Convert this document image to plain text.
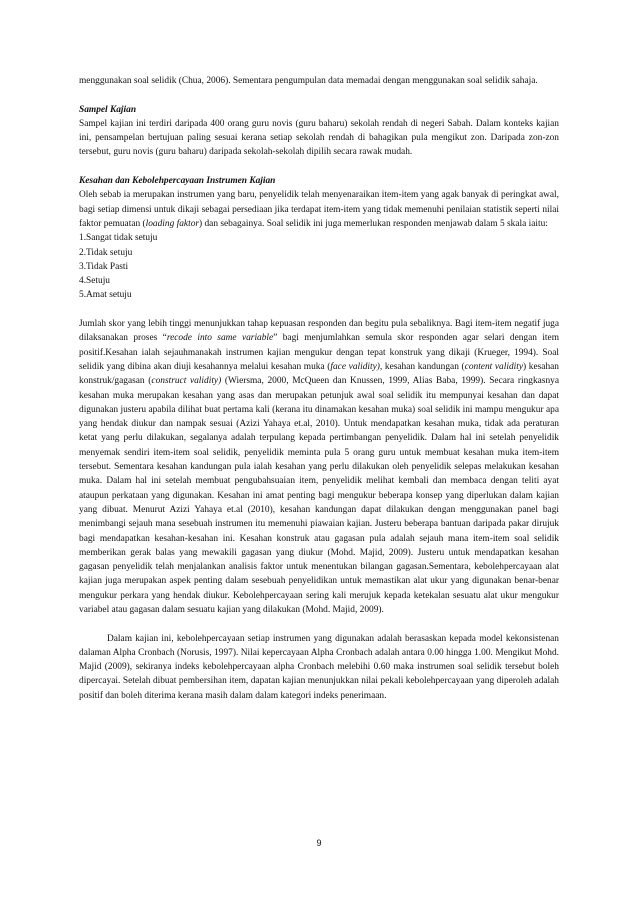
menggunakan soal selidik (Chua, 2006). Sementara pengumpulan data memadai dengan menggunakan soal selidik sahaja.

Sampel Kajian

Sampel kajian ini terdiri daripada 400 orang guru novis (guru baharu) sekolah rendah di negeri Sabah. Dalam konteks kajian ini, pensampelan bertujuan paling sesuai kerana setiap sekolah rendah di bahagikan pula mengikut zon. Daripada zon-zon tersebut, guru novis (guru baharu) daripada sekolah-sekolah dipilih secara rawak mudah.

Kesahan dan Kebolehpercayaan Instrumen Kajian

Oleh sebab ia merupakan instrumen yang baru, penyelidik telah menyenaraikan item-item yang agak banyak di peringkat awal, bagi setiap dimensi untuk dikaji sebagai persediaan jika terdapat item-item yang tidak memenuhi penilaian statistik seperti nilai faktor pemuatan (loading faktor) dan sebagainya. Soal selidik ini juga memerlukan responden menjawab dalam 5 skala iaitu:

1.Sangat tidak setuju

2.Tidak setuju

3.Tidak Pasti

4.Setuju

5.Amat setuju

Jumlah skor yang lebih tinggi menunjukkan tahap kepuasan responden dan begitu pula sebaliknya. Bagi item-item negatif juga dilaksanakan proses “recode into same variable” bagi menjumlahkan semula skor responden agar selari dengan item positif.Kesahan ialah sejauhmanakah instrumen kajian mengukur dengan tepat konstruk yang dikaji (Krueger, 1994). Soal selidik yang dibina akan diuji kesahannya melalui kesahan muka (face validity), kesahan kandungan (content validity) kesahan konstruk/gagasan (construct validity) (Wiersma, 2000, McQueen dan Knussen, 1999, Alias Baba, 1999). Secara ringkasnya kesahan muka merupakan kesahan yang asas dan merupakan petunjuk awal soal selidik itu mempunyai kesahan dan dapat digunakan justeru apabila dilihat buat pertama kali (kerana itu dinamakan kesahan muka) soal selidik ini mampu mengukur apa yang hendak diukur dan nampak sesuai (Azizi Yahaya et.al, 2010). Untuk mendapatkan kesahan muka, tidak ada peraturan ketat yang perlu dilakukan, segalanya adalah terpulang kepada pertimbangan penyelidik. Dalam hal ini setelah penyelidik menyemak sendiri item-item soal selidik, penyelidik meminta pula 5 orang guru untuk membuat kesahan muka item-item tersebut. Sementara kesahan kandungan pula ialah kesahan yang perlu dilakukan oleh penyelidik selepas melakukan kesahan muka. Dalam hal ini setelah membuat pengubahsuaian item, penyelidik melihat kembali dan membaca dengan teliti ayat ataupun perkataan yang digunakan. Kesahan ini amat penting bagi mengukur beberapa konsep yang diperlukan dalam kajian yang dibuat. Menurut Azizi Yahaya et.al (2010), kesahan kandungan dapat dilakukan dengan menggunakan panel bagi menimbangi sejauh mana sesebuah instrumen itu memenuhi piawaian kajian. Justeru beberapa bantuan daripada pakar dirujuk bagi mendapatkan kesahan-kesahan ini. Kesahan konstruk atau gagasan pula adalah sejauh mana item-item soal selidik memberikan gerak balas yang mewakili gagasan yang diukur (Mohd. Majid, 2009). Justeru untuk mendapatkan kesahan gagasan penyelidik telah menjalankan analisis faktor untuk menentukan bilangan gagasan.Sementara, kebolehpercayaan alat kajian juga merupakan aspek penting dalam sesebuah penyelidikan untuk memastikan alat ukur yang digunakan benar-benar mengukur perkara yang hendak diukur. Kebolehpercayaan sering kali merujuk kepada ketekalan sesuatu alat ukur mengukur variabel atau gagasan dalam sesuatu kajian yang dilakukan (Mohd. Majid, 2009).

Dalam kajian ini, kebolehpercayaan setiap instrumen yang digunakan adalah berasaskan kepada model kekonsistenan dalaman Alpha Cronbach (Norusis, 1997). Nilai kepercayaan Alpha Cronbach adalah antara 0.00 hingga 1.00. Mengikut Mohd. Majid (2009), sekiranya indeks kebolehpercayaan alpha Cronbach melebihi 0.60 maka instrumen soal selidik tersebut boleh dipercayai. Setelah dibuat pembersihan item, dapatan kajian menunjukkan nilai pekali kebolehpercayaan yang diperoleh adalah positif dan boleh diterima kerana masih dalam dalam kategori indeks penerimaan.

9
